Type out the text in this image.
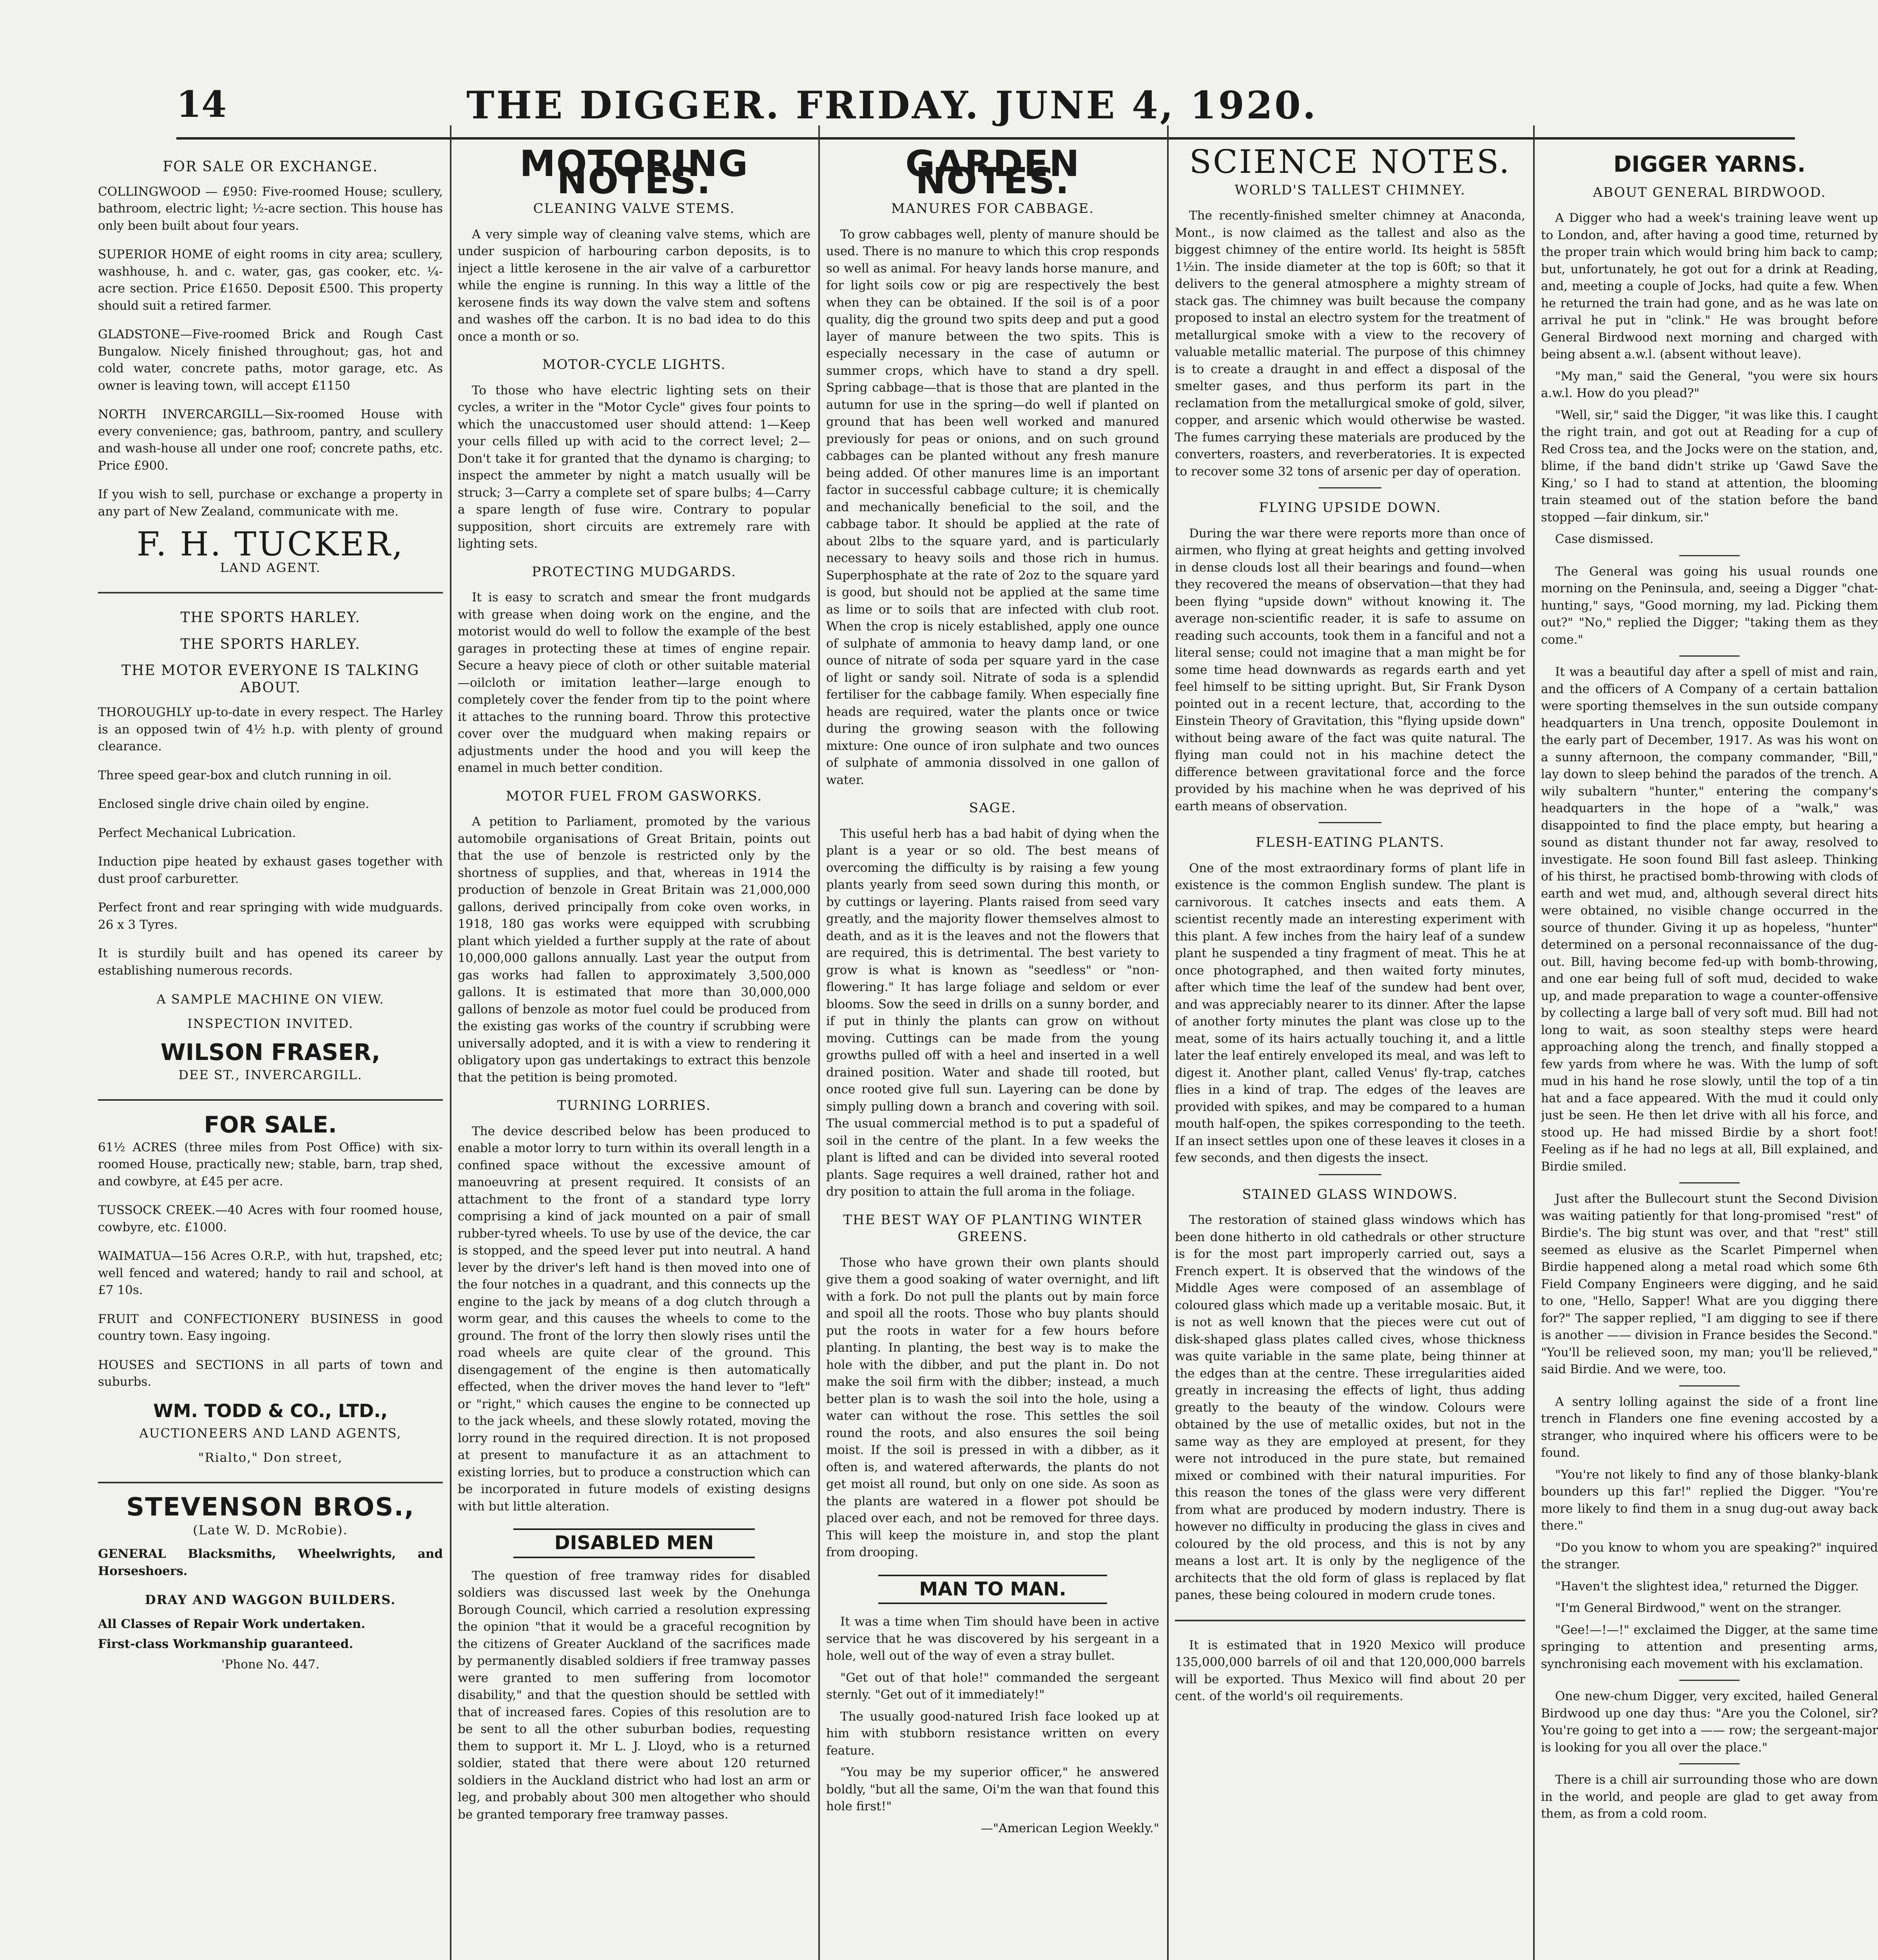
14	THE DIGGER. FRIDAY. JUNE 4, 1920.
FOR SALE OR EXCHANGE.

COLLINGWOOD — £950: Five-roomed House; scullery, bathroom, electric light; ½-acre section. This house has only been built about four years.

SUPERIOR HOME of eight rooms in city area; scullery, washhouse, h. and c. water, gas, gas cooker, etc. ¼-acre section. Price £1650. Deposit £500. This property should suit a retired farmer.

GLADSTONE—Five-roomed Brick and Rough Cast Bungalow. Nicely finished throughout; gas, hot and cold water, concrete paths, motor garage, etc. As owner is leaving town, will accept £1150

NORTH INVERCARGILL—Six-roomed House with every convenience; gas, bathroom, pantry, and scullery and wash-house all under one roof; concrete paths, etc. Price £900.

If you wish to sell, purchase or exchange a property in any part of New Zealand, communicate with me.

F. H. TUCKER,
LAND AGENT.
THE SPORTS HARLEY.
THE SPORTS HARLEY.
THE MOTOR EVERYONE IS TALKING ABOUT.

THOROUGHLY up-to-date in every respect. The Harley is an opposed twin of 4½ h.p. with plenty of ground clearance.

Three speed gear-box and clutch running in oil.

Enclosed single drive chain oiled by engine.

Perfect Mechanical Lubrication.

Induction pipe heated by exhaust gases together with dust proof carburetter.

Perfect front and rear springing with wide mudguards. 26 x 3 Tyres.

It is sturdily built and has opened its career by establishing numerous records.

A SAMPLE MACHINE ON VIEW.
INSPECTION INVITED.
WILSON FRASER,
DEE ST., INVERCARGILL.
FOR SALE.

61½ ACRES (three miles from Post Office) with six-roomed House, practically new; stable, barn, trap shed, and cowbyre, at £45 per acre.

TUSSOCK CREEK.—40 Acres with four roomed house, cowbyre, etc. £1000.

WAIMATUA—156 Acres O.R.P., with hut, trapshed, etc; well fenced and watered; handy to rail and school, at £7 10s.

FRUIT and CONFECTIONERY BUSINESS in good country town. Easy ingoing.

HOUSES and SECTIONS in all parts of town and suburbs.

WM. TODD & CO., LTD.,
AUCTIONEERS AND LAND AGENTS,
"Rialto," Don street,
STEVENSON BROS.,
(Late W. D. McRobie).

GENERAL Blacksmiths, Wheelwrights, and Horseshoers.

DRAY AND WAGGON BUILDERS.

All Classes of Repair Work undertaken.

First-class Workmanship guaranteed.

'Phone No. 447.
MOTORING NOTES.
CLEANING VALVE STEMS.

A very simple way of cleaning valve stems, which are under suspicion of harbouring carbon deposits, is to inject a little kerosene in the air valve of a carburettor while the engine is running. In this way a little of the kerosene finds its way down the valve stem and softens and washes off the carbon. It is no bad idea to do this once a month or so.

MOTOR-CYCLE LIGHTS.

To those who have electric lighting sets on their cycles, a writer in the "Motor Cycle" gives four points to which the unaccustomed user should attend: 1—Keep your cells filled up with acid to the correct level; 2—Don't take it for granted that the dynamo is charging; to inspect the ammeter by night a match usually will be struck; 3—Carry a complete set of spare bulbs; 4—Carry a spare length of fuse wire. Contrary to popular supposition, short circuits are extremely rare with lighting sets.

PROTECTING MUDGARDS.

It is easy to scratch and smear the front mudgards with grease when doing work on the engine, and the motorist would do well to follow the example of the best garages in protecting these at times of engine repair. Secure a heavy piece of cloth or other suitable material—oilcloth or imitation leather—large enough to completely cover the fender from tip to the point where it attaches to the running board. Throw this protective cover over the mudguard when making repairs or adjustments under the hood and you will keep the enamel in much better condition.

MOTOR FUEL FROM GASWORKS.

A petition to Parliament, promoted by the various automobile organisations of Great Britain, points out that the use of benzole is restricted only by the shortness of supplies, and that, whereas in 1914 the production of benzole in Great Britain was 21,000,000 gallons, derived principally from coke oven works, in 1918, 180 gas works were equipped with scrubbing plant which yielded a further supply at the rate of about 10,000,000 gallons annually. Last year the output from gas works had fallen to approximately 3,500,000 gallons. It is estimated that more than 30,000,000 gallons of benzole as motor fuel could be produced from the existing gas works of the country if scrubbing were universally adopted, and it is with a view to rendering it obligatory upon gas undertakings to extract this benzole that the petition is being promoted.

TURNING LORRIES.

The device described below has been produced to enable a motor lorry to turn within its overall length in a confined space without the excessive amount of manoeuvring at present required. It consists of an attachment to the front of a standard type lorry comprising a kind of jack mounted on a pair of small rubber-tyred wheels. To use by use of the device, the car is stopped, and the speed lever put into neutral. A hand lever by the driver's left hand is then moved into one of the four notches in a quadrant, and this connects up the engine to the jack by means of a dog clutch through a worm gear, and this causes the wheels to come to the ground. The front of the lorry then slowly rises until the road wheels are quite clear of the ground. This disengagement of the engine is then automatically effected, when the driver moves the hand lever to "left" or "right," which causes the engine to be connected up to the jack wheels, and these slowly rotated, moving the lorry round in the required direction. It is not proposed at present to manufacture it as an attachment to existing lorries, but to produce a construction which can be incorporated in future models of existing designs with but little alteration.

DISABLED MEN

The question of free tramway rides for disabled soldiers was discussed last week by the Onehunga Borough Council, which carried a resolution expressing the opinion "that it would be a graceful recognition by the citizens of Greater Auckland of the sacrifices made by permanently disabled soldiers if free tramway passes were granted to men suffering from locomotor disability," and that the question should be settled with that of increased fares. Copies of this resolution are to be sent to all the other suburban bodies, requesting them to support it. Mr L. J. Lloyd, who is a returned soldier, stated that there were about 120 returned soldiers in the Auckland district who had lost an arm or leg, and probably about 300 men altogether who should be granted temporary free tramway passes.

GARDEN NOTES.
MANURES FOR CABBAGE.

To grow cabbages well, plenty of manure should be used. There is no manure to which this crop responds so well as animal. For heavy lands horse manure, and for light soils cow or pig are respectively the best when they can be obtained. If the soil is of a poor quality, dig the ground two spits deep and put a good layer of manure between the two spits. This is especially necessary in the case of autumn or summer crops, which have to stand a dry spell. Spring cabbage—that is those that are planted in the autumn for use in the spring—do well if planted on ground that has been well worked and manured previously for peas or onions, and on such ground cabbages can be planted without any fresh manure being added. Of other manures lime is an important factor in successful cabbage culture; it is chemically and mechanically beneficial to the soil, and the cabbage tabor. It should be applied at the rate of about 2lbs to the square yard, and is particularly necessary to heavy soils and those rich in humus. Superphosphate at the rate of 2oz to the square yard is good, but should not be applied at the same time as lime or to soils that are infected with club root. When the crop is nicely established, apply one ounce of sulphate of ammonia to heavy damp land, or one ounce of nitrate of soda per square yard in the case of light or sandy soil. Nitrate of soda is a splendid fertiliser for the cabbage family. When especially fine heads are required, water the plants once or twice during the growing season with the following mixture: One ounce of iron sulphate and two ounces of sulphate of ammonia dissolved in one gallon of water.

SAGE.

This useful herb has a bad habit of dying when the plant is a year or so old. The best means of overcoming the difficulty is by raising a few young plants yearly from seed sown during this month, or by cuttings or layering. Plants raised from seed vary greatly, and the majority flower themselves almost to death, and as it is the leaves and not the flowers that are required, this is detrimental. The best variety to grow is what is known as "seedless" or "non-flowering." It has large foliage and seldom or ever blooms. Sow the seed in drills on a sunny border, and if put in thinly the plants can grow on without moving. Cuttings can be made from the young growths pulled off with a heel and inserted in a well drained position. Water and shade till rooted, but once rooted give full sun. Layering can be done by simply pulling down a branch and covering with soil. The usual commercial method is to put a spadeful of soil in the centre of the plant. In a few weeks the plant is lifted and can be divided into several rooted plants. Sage requires a well drained, rather hot and dry position to attain the full aroma in the foliage.

THE BEST WAY OF PLANTING WINTER GREENS.

Those who have grown their own plants should give them a good soaking of water overnight, and lift with a fork. Do not pull the plants out by main force and spoil all the roots. Those who buy plants should put the roots in water for a few hours before planting. In planting, the best way is to make the hole with the dibber, and put the plant in. Do not make the soil firm with the dibber; instead, a much better plan is to wash the soil into the hole, using a water can without the rose. This settles the soil round the roots, and also ensures the soil being moist. If the soil is pressed in with a dibber, as it often is, and watered afterwards, the plants do not get moist all round, but only on one side. As soon as the plants are watered in a flower pot should be placed over each, and not be removed for three days. This will keep the moisture in, and stop the plant from drooping.

MAN TO MAN.

It was a time when Tim should have been in active service that he was discovered by his sergeant in a hole, well out of the way of even a stray bullet.

"Get out of that hole!" commanded the sergeant sternly. "Get out of it immediately!"

The usually good-natured Irish face looked up at him with stubborn resistance written on every feature.

"You may be my superior officer," he answered boldly, "but all the same, Oi'm the wan that found this hole first!"

—"American Legion Weekly."
SCIENCE NOTES.
WORLD'S TALLEST CHIMNEY.

The recently-finished smelter chimney at Anaconda, Mont., is now claimed as the tallest and also as the biggest chimney of the entire world. Its height is 585ft 1½in. The inside diameter at the top is 60ft; so that it delivers to the general atmosphere a mighty stream of stack gas. The chimney was built because the company proposed to instal an electro system for the treatment of metallurgical smoke with a view to the recovery of valuable metallic material. The purpose of this chimney is to create a draught in and effect a disposal of the smelter gases, and thus perform its part in the reclamation from the metallurgical smoke of gold, silver, copper, and arsenic which would otherwise be wasted. The fumes carrying these materials are produced by the converters, roasters, and reverberatories. It is expected to recover some 32 tons of arsenic per day of operation.

FLYING UPSIDE DOWN.

During the war there were reports more than once of airmen, who flying at great heights and getting involved in dense clouds lost all their bearings and found—when they recovered the means of observation—that they had been flying "upside down" without knowing it. The average non-scientific reader, it is safe to assume on reading such accounts, took them in a fanciful and not a literal sense; could not imagine that a man might be for some time head downwards as regards earth and yet feel himself to be sitting upright. But, Sir Frank Dyson pointed out in a recent lecture, that, according to the Einstein Theory of Gravitation, this "flying upside down" without being aware of the fact was quite natural. The flying man could not in his machine detect the difference between gravitational force and the force provided by his machine when he was deprived of his earth means of observation.

FLESH-EATING PLANTS.

One of the most extraordinary forms of plant life in existence is the common English sundew. The plant is carnivorous. It catches insects and eats them. A scientist recently made an interesting experiment with this plant. A few inches from the hairy leaf of a sundew plant he suspended a tiny fragment of meat. This he at once photographed, and then waited forty minutes, after which time the leaf of the sundew had bent over, and was appreciably nearer to its dinner. After the lapse of another forty minutes the plant was close up to the meat, some of its hairs actually touching it, and a little later the leaf entirely enveloped its meal, and was left to digest it. Another plant, called Venus' fly-trap, catches flies in a kind of trap. The edges of the leaves are provided with spikes, and may be compared to a human mouth half-open, the spikes corresponding to the teeth. If an insect settles upon one of these leaves it closes in a few seconds, and then digests the insect.

STAINED GLASS WINDOWS.

The restoration of stained glass windows which has been done hitherto in old cathedrals or other structure is for the most part improperly carried out, says a French expert. It is observed that the windows of the Middle Ages were composed of an assemblage of coloured glass which made up a veritable mosaic. But, it is not as well known that the pieces were cut out of disk-shaped glass plates called cives, whose thickness was quite variable in the same plate, being thinner at the edges than at the centre. These irregularities aided greatly in increasing the effects of light, thus adding greatly to the beauty of the window. Colours were obtained by the use of metallic oxides, but not in the same way as they are employed at present, for they were not introduced in the pure state, but remained mixed or combined with their natural impurities. For this reason the tones of the glass were very different from what are produced by modern industry. There is however no difficulty in producing the glass in cives and coloured by the old process, and this is not by any means a lost art. It is only by the negligence of the architects that the old form of glass is replaced by flat panes, these being coloured in modern crude tones.

It is estimated that in 1920 Mexico will produce 135,000,000 barrels of oil and that 120,000,000 barrels will be exported. Thus Mexico will find about 20 per cent. of the world's oil requirements.

DIGGER YARNS.
ABOUT GENERAL BIRDWOOD.

A Digger who had a week's training leave went up to London, and, after having a good time, returned by the proper train which would bring him back to camp; but, unfortunately, he got out for a drink at Reading, and, meeting a couple of Jocks, had quite a few. When he returned the train had gone, and as he was late on arrival he put in "clink." He was brought before General Birdwood next morning and charged with being absent a.w.l. (absent without leave).

"My man," said the General, "you were six hours a.w.l. How do you plead?"

"Well, sir," said the Digger, "it was like this. I caught the right train, and got out at Reading for a cup of Red Cross tea, and the Jocks were on the station, and, blime, if the band didn't strike up 'Gawd Save the King,' so I had to stand at attention, the blooming train steamed out of the station before the band stopped —fair dinkum, sir."

Case dismissed.

The General was going his usual rounds one morning on the Peninsula, and, seeing a Digger "chat-hunting," says, "Good morning, my lad. Picking them out?" "No," replied the Digger; "taking them as they come."

It was a beautiful day after a spell of mist and rain, and the officers of A Company of a certain battalion were sporting themselves in the sun outside company headquarters in Una trench, opposite Doulemont in the early part of December, 1917. As was his wont on a sunny afternoon, the company commander, "Bill," lay down to sleep behind the parados of the trench. A wily subaltern "hunter," entering the company's headquarters in the hope of a "walk," was disappointed to find the place empty, but hearing a sound as distant thunder not far away, resolved to investigate. He soon found Bill fast asleep. Thinking of his thirst, he practised bomb-throwing with clods of earth and wet mud, and, although several direct hits were obtained, no visible change occurred in the source of thunder. Giving it up as hopeless, "hunter" determined on a personal reconnaissance of the dug-out. Bill, having become fed-up with bomb-throwing, and one ear being full of soft mud, decided to wake up, and made preparation to wage a counter-offensive by collecting a large ball of very soft mud. Bill had not long to wait, as soon stealthy steps were heard approaching along the trench, and finally stopped a few yards from where he was. With the lump of soft mud in his hand he rose slowly, until the top of a tin hat and a face appeared. With the mud it could only just be seen. He then let drive with all his force, and stood up. He had missed Birdie by a short foot! Feeling as if he had no legs at all, Bill explained, and Birdie smiled.

Just after the Bullecourt stunt the Second Division was waiting patiently for that long-promised "rest" of Birdie's. The big stunt was over, and that "rest" still seemed as elusive as the Scarlet Pimpernel when Birdie happened along a metal road which some 6th Field Company Engineers were digging, and he said to one, "Hello, Sapper! What are you digging there for?" The sapper replied, "I am digging to see if there is another —— division in France besides the Second." "You'll be relieved soon, my man; you'll be relieved," said Birdie. And we were, too.

A sentry lolling against the side of a front line trench in Flanders one fine evening accosted by a stranger, who inquired where his officers were to be found.

"You're not likely to find any of those blanky-blank bounders up this far!" replied the Digger. "You're more likely to find them in a snug dug-out away back there."

"Do you know to whom you are speaking?" inquired the stranger.

"Haven't the slightest idea," returned the Digger.

"I'm General Birdwood," went on the stranger.

"Gee!—!—!" exclaimed the Digger, at the same time springing to attention and presenting arms, synchronising each movement with his exclamation.

One new-chum Digger, very excited, hailed General Birdwood up one day thus: "Are you the Colonel, sir? You're going to get into a —— row; the sergeant-major is looking for you all over the place."

There is a chill air surrounding those who are down in the world, and people are glad to get away from them, as from a cold room.
